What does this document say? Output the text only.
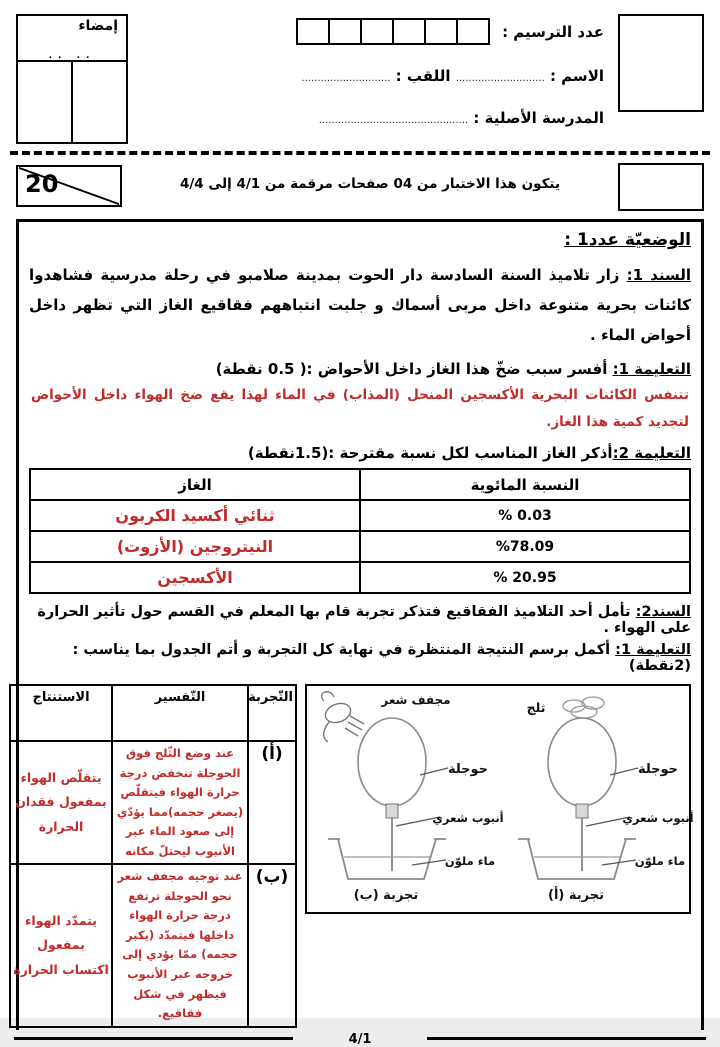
عدد الترسيم :
الاسم : ............................ اللقب : ............................
المدرسة الأصلية : ...............................................
إمضاء
.. ..
يتكون هذا الاختبار من 04 صفحات مرقمة من 4/1 إلى 4/4
20
الوضعيّة عدد1 :

السند 1: زار تلاميذ السنة السادسة دار الحوت بمدينة صلامبو في رحلة مدرسية فشاهدوا كائنات بحرية متنوعة داخل مربى أسماك و جلبت انتباههم فقاقيع الغاز التي تظهر داخل أحواض الماء .

التعليمة 1: أفسر سبب ضخّ هذا الغاز داخل الأحواض :( 0.5 نقطة)

تتنفس الكائنات البحرية الأكسجين المنحل (المذاب) في الماء لهذا يقع ضخ الهواء داخل الأحواض لتجديد كمية هذا الغاز.

التعليمة 2:أذكر الغاز المناسب لكل نسبة مقترحة :(1.5نقطة)

النسبة المائوية	الغاز
% 0.03	ثنائي أكسيد الكربون
%78.09	النيتروجين (الأزوت)
% 20.95	الأكسجين

السند2: تأمل أحد التلاميذ الفقاقيع فتذكر تجربة قام بها المعلم في القسم حول تأثير الحرارة على الهواء .

التعليمة 1: أكمل برسم النتيجة المنتظرة في نهاية كل التجربة و أتم الجدول بما يناسب :(2نقطة)

ثلج
حوجلة
أنبوب شعري
ماء ملوّن
تجربة (أ)
مجفف شعر
حوجلة
أنبوب شعري
ماء ملوّن
تجربة (ب)
التّجربة	التّفسير	الاستنتاج
(أ)	عند وضع الثّلج فوق الحوجلة تنخفض درجة حرارة الهواء فيتقلّص (يصغر حجمه)مما يؤدّي إلى صعود الماء عبر الأنبوب ليحتلّ مكانه	يتقلّص الهواء بمفعول فقدان الحرارة
(ب)	عند توجيه مجفف شعر نحو الحوجلة ترتفع درجة حرارة الهواء داخلها فيتمدّد (يكبر حجمه) ممّا يؤدي إلى خروجه عبر الأنبوب فيظهر في شكل فقاقيع.	يتمدّد الهواء بمفعول اكتساب الحرارة
4/1
